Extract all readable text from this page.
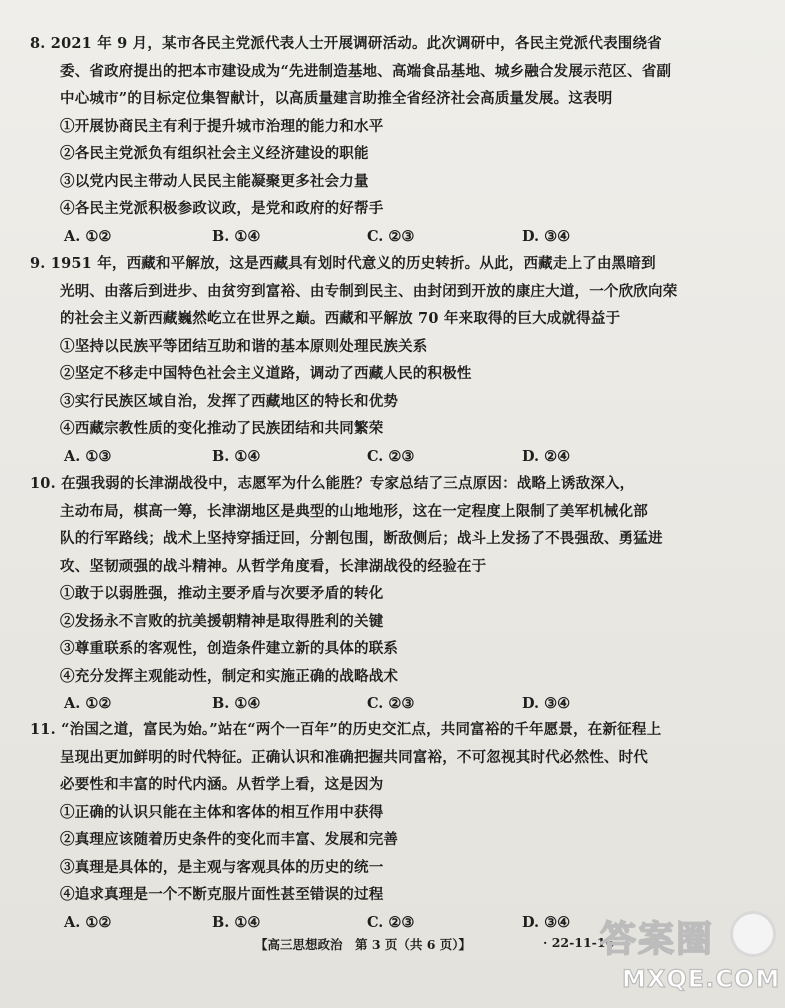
8. 2021 年 9 月，某市各民主党派代表人士开展调研活动。此次调研中，各民主党派代表围绕省
委、省政府提出的把本市建设成为“先进制造基地、高端食品基地、城乡融合发展示范区、省副
中心城市”的目标定位集智献计，以高质量建言助推全省经济社会高质量发展。这表明
①开展协商民主有利于提升城市治理的能力和水平
②各民主党派负有组织社会主义经济建设的职能
③以党内民主带动人民民主能凝聚更多社会力量
④各民主党派积极参政议政，是党和政府的好帮手
A. ①②	B. ①④	C. ②③	D. ③④
9. 1951 年，西藏和平解放，这是西藏具有划时代意义的历史转折。从此，西藏走上了由黑暗到
光明、由落后到进步、由贫穷到富裕、由专制到民主、由封闭到开放的康庄大道，一个欣欣向荣
的社会主义新西藏巍然屹立在世界之巅。西藏和平解放 70 年来取得的巨大成就得益于
①坚持以民族平等团结互助和谐的基本原则处理民族关系
②坚定不移走中国特色社会主义道路，调动了西藏人民的积极性
③实行民族区域自治，发挥了西藏地区的特长和优势
④西藏宗教性质的变化推动了民族团结和共同繁荣
A. ①③	B. ①④	C. ②③	D. ②④
10. 在强我弱的长津湖战役中，志愿军为什么能胜？专家总结了三点原因：战略上诱敌深入，
主动布局，棋高一筹，长津湖地区是典型的山地地形，这在一定程度上限制了美军机械化部
队的行军路线；战术上坚持穿插迂回，分割包围，断敌侧后；战斗上发扬了不畏强敌、勇猛进
攻、坚韧顽强的战斗精神。从哲学角度看，长津湖战役的经验在于
①敢于以弱胜强，推动主要矛盾与次要矛盾的转化
②发扬永不言败的抗美援朝精神是取得胜利的关键
③尊重联系的客观性，创造条件建立新的具体的联系
④充分发挥主观能动性，制定和实施正确的战略战术
A. ①②	B. ①④	C. ②③	D. ③④
11. “治国之道，富民为始。”站在“两个一百年”的历史交汇点，共同富裕的千年愿景，在新征程上
呈现出更加鲜明的时代特征。正确认识和准确把握共同富裕，不可忽视其时代必然性、时代
必要性和丰富的时代内涵。从哲学上看，这是因为
①正确的认识只能在主体和客体的相互作用中获得
②真理应该随着历史条件的变化而丰富、发展和完善
③真理是具体的，是主观与客观具体的历史的统一
④追求真理是一个不断克服片面性甚至错误的过程
A. ①②	B. ①④	C. ②③	D. ③④
【高三思想政治　第 3 页（共 6 页）】	· 22-11-16
答案圈
MXQE.COM
